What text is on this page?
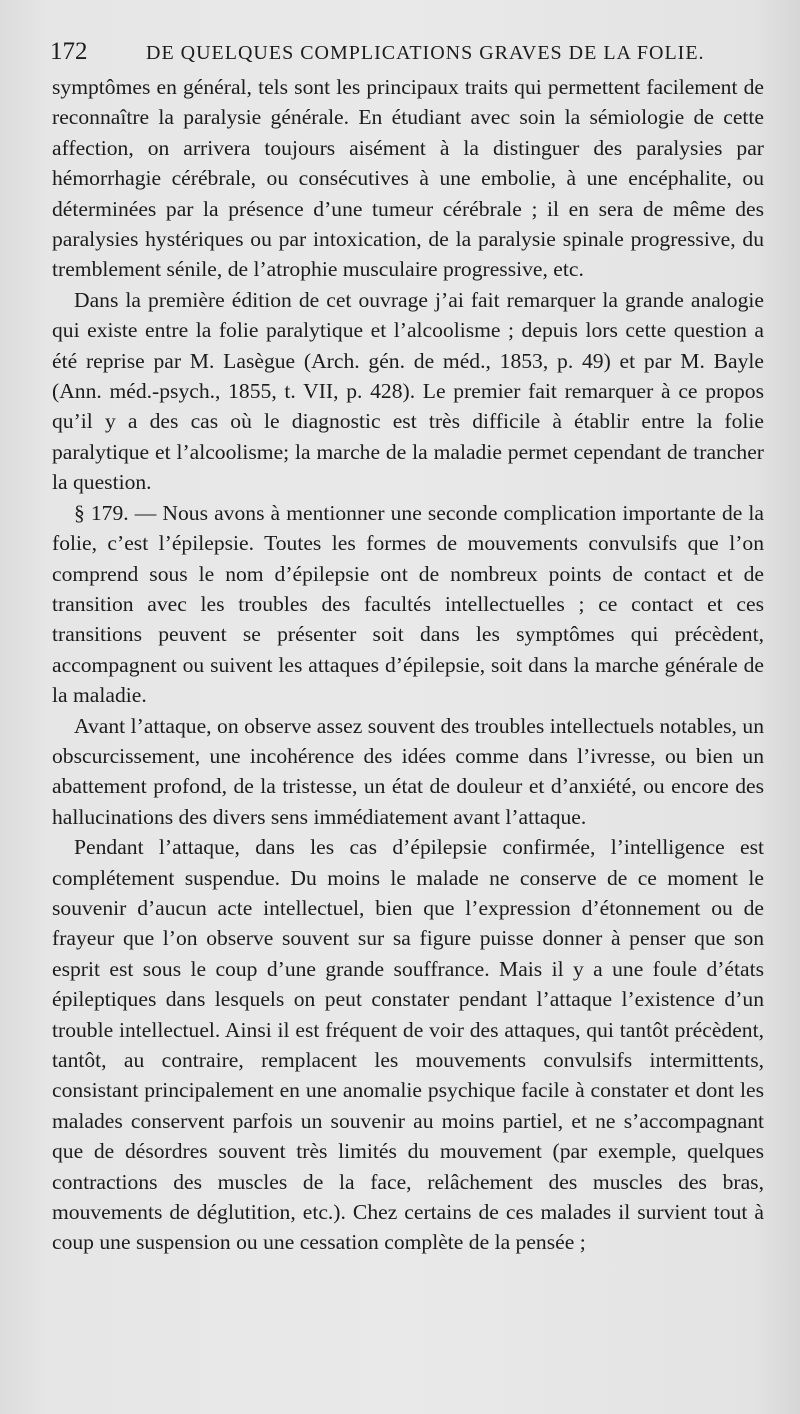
172	DE QUELQUES COMPLICATIONS GRAVES DE LA FOLIE.

symptômes en général, tels sont les principaux traits qui permettent facilement de reconnaître la paralysie générale. En étudiant avec soin la sémiologie de cette affection, on arrivera toujours aisément à la distinguer des paralysies par hémorrhagie cérébrale, ou consécutives à une embolie, à une encéphalite, ou déterminées par la présence d’une tumeur cérébrale ; il en sera de même des paralysies hystériques ou par intoxication, de la paralysie spinale progressive, du tremblement sénile, de l’atrophie musculaire progressive, etc.

Dans la première édition de cet ouvrage j’ai fait remarquer la grande analogie qui existe entre la folie paralytique et l’alcoolisme ; depuis lors cette question a été reprise par M. Lasègue (Arch. gén. de méd., 1853, p. 49) et par M. Bayle (Ann. méd.-psych., 1855, t. VII, p. 428). Le premier fait remarquer à ce propos qu’il y a des cas où le diagnostic est très difficile à établir entre la folie paralytique et l’alcoolisme; la marche de la maladie permet cependant de trancher la question.

§ 179. — Nous avons à mentionner une seconde complication importante de la folie, c’est l’épilepsie. Toutes les formes de mouvements convulsifs que l’on comprend sous le nom d’épilepsie ont de nombreux points de contact et de transition avec les troubles des facultés intellectuelles ; ce contact et ces transitions peuvent se présenter soit dans les symptômes qui précèdent, accompagnent ou suivent les attaques d’épilepsie, soit dans la marche générale de la maladie.

Avant l’attaque, on observe assez souvent des troubles intellectuels notables, un obscurcissement, une incohérence des idées comme dans l’ivresse, ou bien un abattement profond, de la tristesse, un état de douleur et d’anxiété, ou encore des hallucinations des divers sens immédiatement avant l’attaque.

Pendant l’attaque, dans les cas d’épilepsie confirmée, l’intelligence est complétement suspendue. Du moins le malade ne conserve de ce moment le souvenir d’aucun acte intellectuel, bien que l’expression d’étonnement ou de frayeur que l’on observe souvent sur sa figure puisse donner à penser que son esprit est sous le coup d’une grande souffrance. Mais il y a une foule d’états épileptiques dans lesquels on peut constater pendant l’attaque l’existence d’un trouble intellectuel. Ainsi il est fréquent de voir des attaques, qui tantôt précèdent, tantôt, au contraire, remplacent les mouvements convulsifs intermittents, consistant principalement en une anomalie psychique facile à constater et dont les malades conservent parfois un souvenir au moins partiel, et ne s’accompagnant que de désordres souvent très limités du mouvement (par exemple, quelques contractions des muscles de la face, relâchement des muscles des bras, mouvements de déglutition, etc.). Chez certains de ces malades il survient tout à coup une suspension ou une cessation complète de la pensée ;
